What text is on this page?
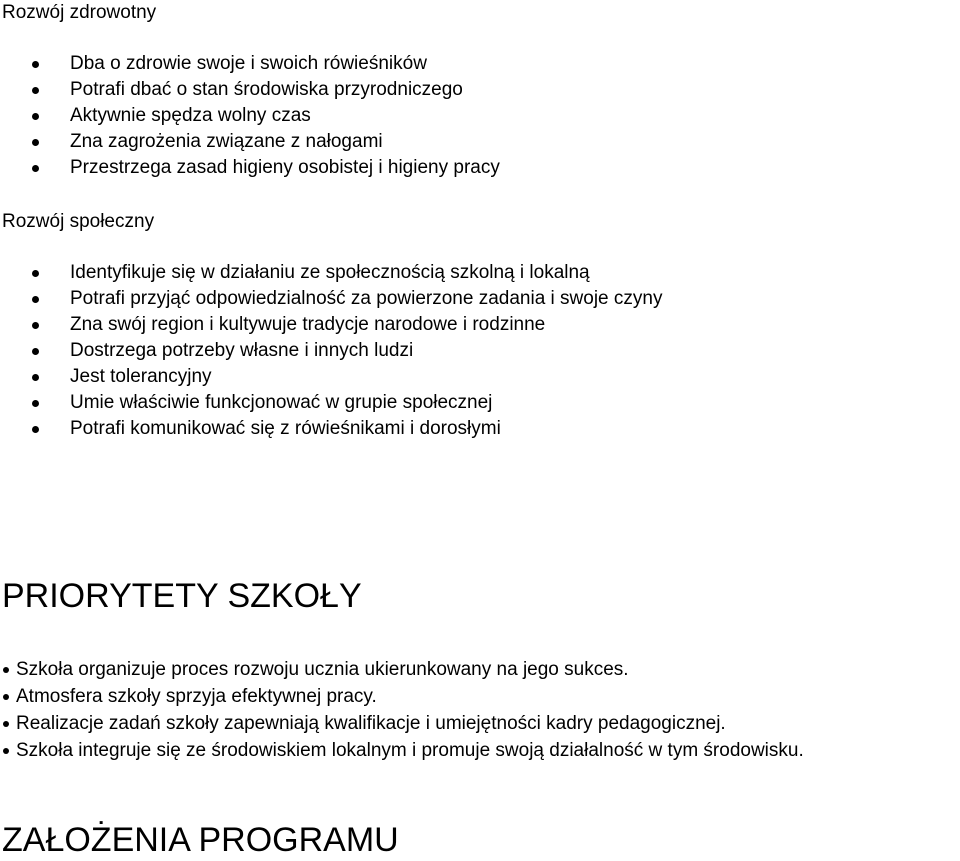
Rozwój zdrowotny
Dba o zdrowie swoje i swoich rówieśników
Potrafi dbać o stan środowiska przyrodniczego
Aktywnie spędza wolny czas
Zna zagrożenia związane z nałogami
Przestrzega zasad higieny osobistej i higieny pracy
Rozwój społeczny
Identyfikuje się w działaniu ze społecznością szkolną i lokalną
Potrafi przyjąć odpowiedzialność za powierzone zadania i swoje czyny
Zna swój region i kultywuje tradycje narodowe i rodzinne
Dostrzega potrzeby własne i innych ludzi
Jest tolerancyjny
Umie właściwie funkcjonować w grupie społecznej
Potrafi komunikować się z rówieśnikami i dorosłymi
PRIORYTETY SZKOŁY
Szkoła organizuje proces rozwoju ucznia ukierunkowany na jego sukces.
Atmosfera szkoły sprzyja efektywnej pracy.
Realizacje zadań szkoły zapewniają kwalifikacje i umiejętności kadry pedagogicznej.
Szkoła integruje się ze środowiskiem lokalnym i promuje swoją działalność w tym środowisku.
ZAŁOŻENIA PROGRAMU
